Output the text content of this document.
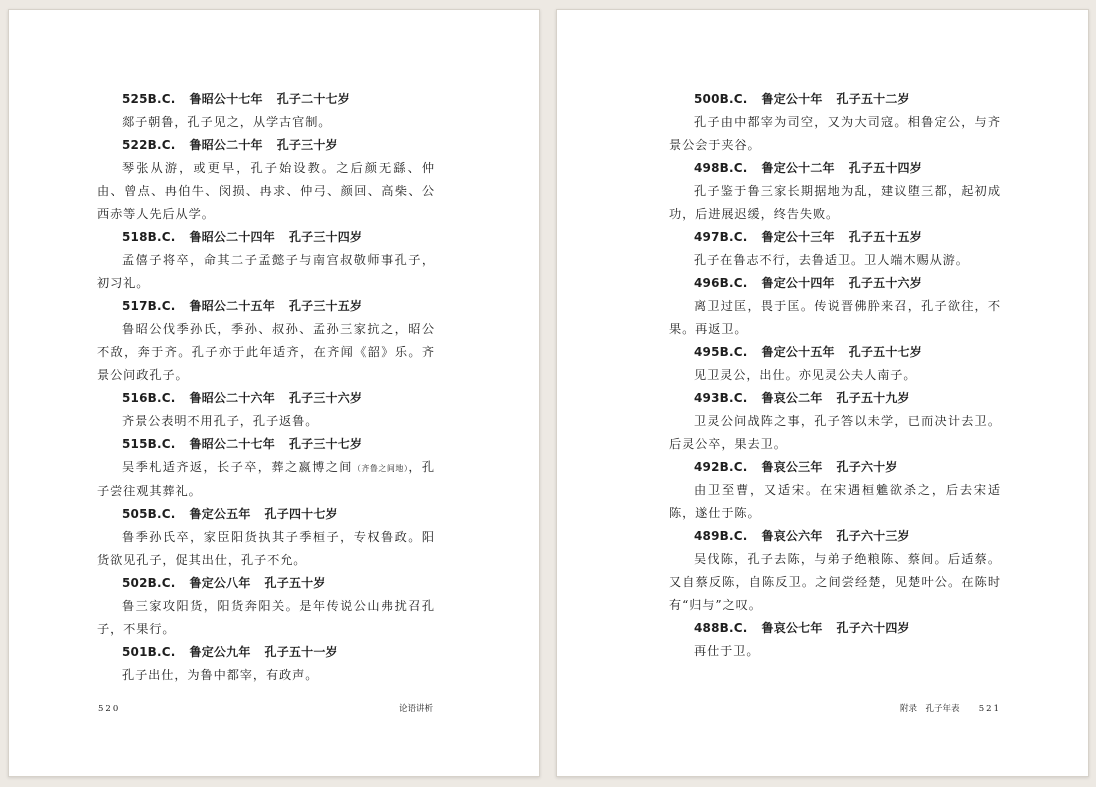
525B.C. 鲁昭公十七年 孔子二十七岁

郯子朝鲁，孔子见之，从学古官制。

522B.C. 鲁昭公二十年 孔子三十岁

琴张从游，或更早，孔子始设教。之后颜无繇、仲由、曾点、冉伯牛、闵损、冉求、仲弓、颜回、高柴、公西赤等人先后从学。

518B.C. 鲁昭公二十四年 孔子三十四岁

孟僖子将卒，命其二子孟懿子与南宫叔敬师事孔子，初习礼。

517B.C. 鲁昭公二十五年 孔子三十五岁

鲁昭公伐季孙氏，季孙、叔孙、孟孙三家抗之，昭公不敌，奔于齐。孔子亦于此年适齐，在齐闻《韶》乐。齐景公问政孔子。

516B.C. 鲁昭公二十六年 孔子三十六岁

齐景公表明不用孔子，孔子返鲁。

515B.C. 鲁昭公二十七年 孔子三十七岁

吴季札适齐返，长子卒，葬之嬴博之间（齐鲁之间地），孔子尝往观其葬礼。

505B.C. 鲁定公五年 孔子四十七岁

鲁季孙氏卒，家臣阳货执其子季桓子，专权鲁政。阳货欲见孔子，促其出仕，孔子不允。

502B.C. 鲁定公八年 孔子五十岁

鲁三家攻阳货，阳货奔阳关。是年传说公山弗扰召孔子，不果行。

501B.C. 鲁定公九年 孔子五十一岁

孔子出仕，为鲁中都宰，有政声。

520	论语讲析
500B.C. 鲁定公十年 孔子五十二岁

孔子由中都宰为司空，又为大司寇。相鲁定公，与齐景公会于夹谷。

498B.C. 鲁定公十二年 孔子五十四岁

孔子鉴于鲁三家长期据地为乱，建议堕三都，起初成功，后进展迟缓，终告失败。

497B.C. 鲁定公十三年 孔子五十五岁

孔子在鲁志不行，去鲁适卫。卫人端木赐从游。

496B.C. 鲁定公十四年 孔子五十六岁

离卫过匡，畏于匡。传说晋佛肸来召，孔子欲往，不果。再返卫。

495B.C. 鲁定公十五年 孔子五十七岁

见卫灵公，出仕。亦见灵公夫人南子。

493B.C. 鲁哀公二年 孔子五十九岁

卫灵公问战阵之事，孔子答以未学，已而决计去卫。后灵公卒，果去卫。

492B.C. 鲁哀公三年 孔子六十岁

由卫至曹，又适宋。在宋遇桓魋欲杀之，后去宋适陈，遂仕于陈。

489B.C. 鲁哀公六年 孔子六十三岁

吴伐陈，孔子去陈，与弟子绝粮陈、蔡间。后适蔡。又自蔡反陈，自陈反卫。之间尝经楚，见楚叶公。在陈时有“归与”之叹。

488B.C. 鲁哀公七年 孔子六十四岁

再仕于卫。

附录　孔子年表 521
